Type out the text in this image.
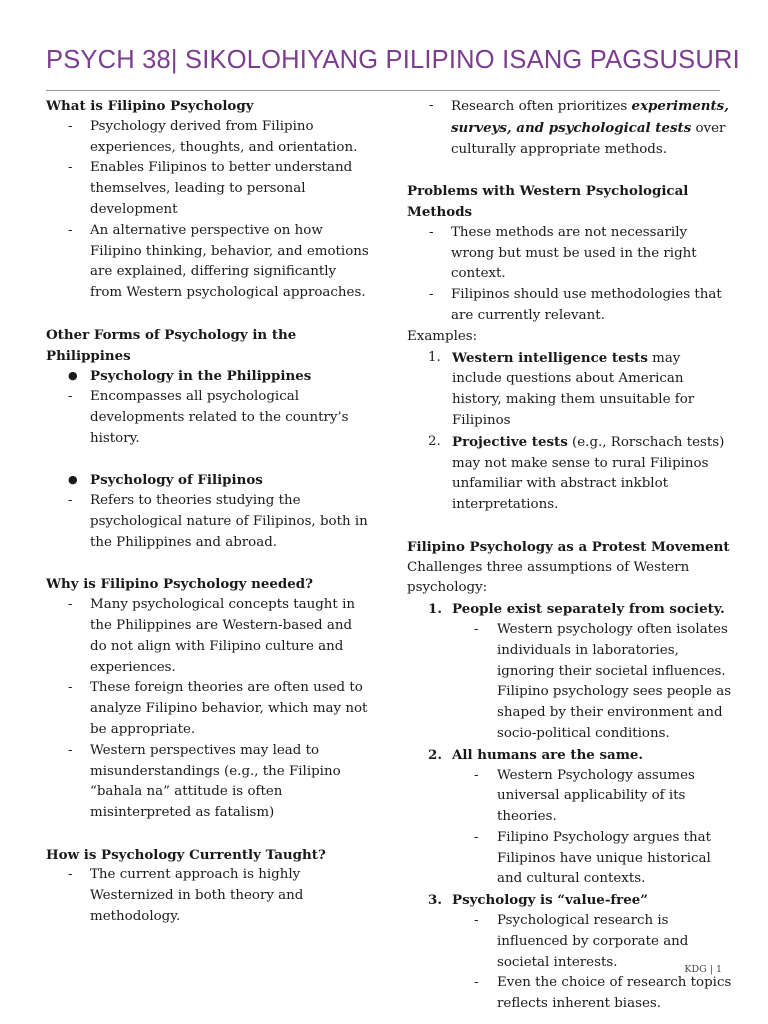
PSYCH 38| SIKOLOHIYANG PILIPINO ISANG PAGSUSURI
What is Filipino Psychology
- Psychology derived from Filipino experiences, thoughts, and orientation.
- Enables Filipinos to better understand themselves, leading to personal development
- An alternative perspective on how Filipino thinking, behavior, and emotions are explained, differing significantly from Western psychological approaches.
Other Forms of Psychology in the Philippines
● Psychology in the Philippines
- Encompasses all psychological developments related to the country’s history.
● Psychology of Filipinos
- Refers to theories studying the psychological nature of Filipinos, both in the Philippines and abroad.
Why is Filipino Psychology needed?
- Many psychological concepts taught in the Philippines are Western-based and do not align with Filipino culture and experiences.
- These foreign theories are often used to analyze Filipino behavior, which may not be appropriate.
- Western perspectives may lead to misunderstandings (e.g., the Filipino “bahala na” attitude is often misinterpreted as fatalism)
How is Psychology Currently Taught?
- The current approach is highly Westernized in both theory and methodology.
- Research often prioritizes experiments, surveys, and psychological tests over culturally appropriate methods.
Problems with Western Psychological Methods
- These methods are not necessarily wrong but must be used in the right context.
- Filipinos should use methodologies that are currently relevant.
Examples:
1. Western intelligence tests may include questions about American history, making them unsuitable for Filipinos
2. Projective tests (e.g., Rorschach tests) may not make sense to rural Filipinos unfamiliar with abstract inkblot interpretations.
Filipino Psychology as a Protest Movement
Challenges three assumptions of Western psychology:
1. People exist separately from society.
- Western psychology often isolates individuals in laboratories, ignoring their societal influences. Filipino psychology sees people as shaped by their environment and socio-political conditions.
2. All humans are the same.
- Western Psychology assumes universal applicability of its theories.
- Filipino Psychology argues that Filipinos have unique historical and cultural contexts.
3. Psychology is “value-free”
- Psychological research is influenced by corporate and societal interests.
- Even the choice of research topics reflects inherent biases.
KDG | 1
